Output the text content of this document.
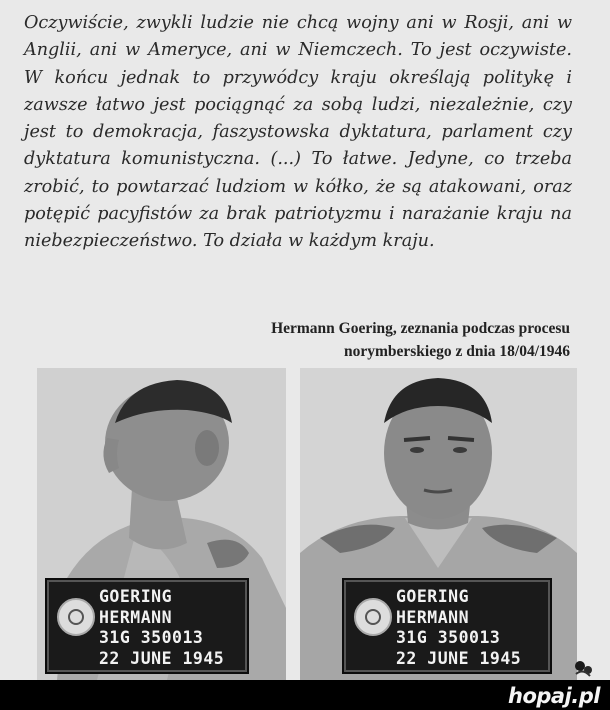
Oczywiście, zwykli ludzie nie chcą wojny ani w Rosji, ani w Anglii, ani w Ameryce, ani w Niemczech. To jest oczywiste. W końcu jednak to przywódcy kraju określają politykę i zawsze łatwo jest pociągnąć za sobą ludzi, niezależnie, czy jest to demokracja, faszystowska dyktatura, parlament czy dyktatura komunistyczna. (...) To łatwe. Jedyne, co trzeba zrobić, to powtarzać ludziom w kółko, że są atakowani, oraz potępić pacyfistów za brak patriotyzmu i narażanie kraju na niebezpieczeństwo. To działa w każdym kraju.

Hermann Goering, zeznania podczas procesu
norymberskiego z dnia 18/04/1946
GOERING
HERMANN
31G 350013
22 JUNE 1945
GOERING
HERMANN
31G 350013
22 JUNE 1945
hopaj.pl
